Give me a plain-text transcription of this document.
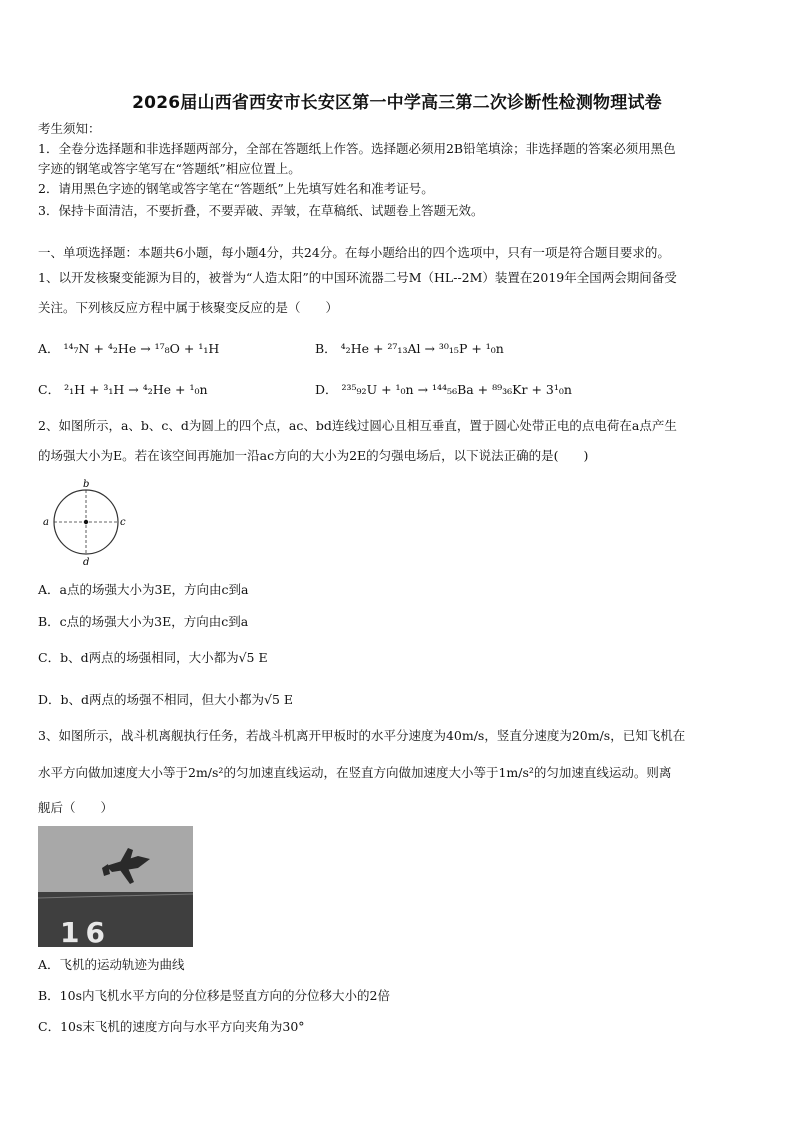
2026届山西省西安市长安区第一中学高三第二次诊断性检测物理试卷
考生须知：
1．全卷分选择题和非选择题两部分，全部在答题纸上作答。选择题必须用2B铅笔填涂；非选择题的答案必须用黑色
字迹的钢笔或答字笔写在“答题纸”相应位置上。
2．请用黑色字迹的钢笔或答字笔在“答题纸”上先填写姓名和准考证号。
3．保持卡面清洁，不要折叠，不要弄破、弄皱，在草稿纸、试题卷上答题无效。
一、单项选择题：本题共6小题，每小题4分，共24分。在每小题给出的四个选项中，只有一项是符合题目要求的。
1、以开发核聚变能源为目的，被誉为“人造太阳”的中国环流器二号M（HL--2M）装置在2019年全国两会期间备受
关注。下列核反应方程中属于核聚变反应的是（　　）
A． ¹⁴₇N + ⁴₂He → ¹⁷₈O + ¹₁H	B． ⁴₂He + ²⁷₁₃Al → ³⁰₁₅P + ¹₀n
C． ²₁H + ³₁H → ⁴₂He + ¹₀n	D． ²³⁵₉₂U + ¹₀n → ¹⁴⁴₅₆Ba + ⁸⁹₃₆Kr + 3¹₀n
2、如图所示，a、b、c、d为圆上的四个点，ac、bd连线过圆心且相互垂直，置于圆心处带正电的点电荷在a点产生
的场强大小为E。若在该空间再施加一沿ac方向的大小为2E的匀强电场后，以下说法正确的是(　　)
b
a	c
d
A．a点的场强大小为3E，方向由c到a
B．c点的场强大小为3E，方向由c到a
C．b、d两点的场强相同，大小都为√5 E
D．b、d两点的场强不相同，但大小都为√5 E
3、如图所示，战斗机离舰执行任务，若战斗机离开甲板时的水平分速度为40m/s，竖直分速度为20m/s，已知飞机在
水平方向做加速度大小等于2m/s²的匀加速直线运动，在竖直方向做加速度大小等于1m/s²的匀加速直线运动。则离
舰后（　　）
16
A．飞机的运动轨迹为曲线
B．10s内飞机水平方向的分位移是竖直方向的分位移大小的2倍
C．10s末飞机的速度方向与水平方向夹角为30°
